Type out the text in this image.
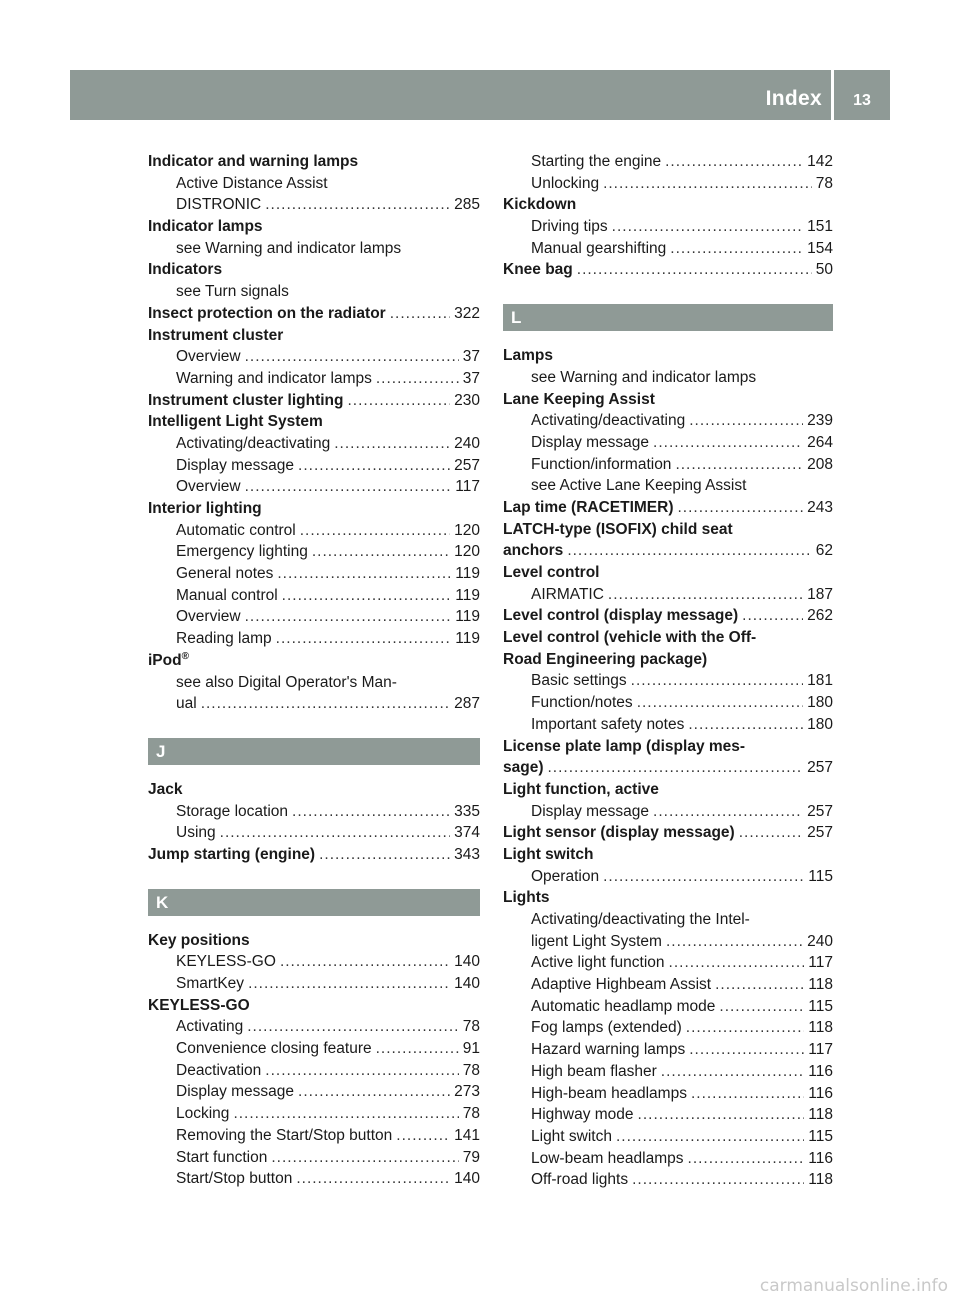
Index	13
Indicator and warning lamps
Active Distance Assist
DISTRONIC .....	285
Indicator lamps
see Warning and indicator lamps
Indicators
see Turn signals
Insect protection on the radiator .....	322
Instrument cluster
Overview .....	37
Warning and indicator lamps .....	37
Instrument cluster lighting .....	230
Intelligent Light System
Activating/deactivating .....	240
Display message .....	257
Overview .....	117
Interior lighting
Automatic control .....	120
Emergency lighting .....	120
General notes .....	119
Manual control .....	119
Overview .....	119
Reading lamp .....	119
iPod®
see also Digital Operator's Man-
ual .....	287
J
Jack
Storage location .....	335
Using .....	374
Jump starting (engine) .....	343
K
Key positions
KEYLESS-GO .....	140
SmartKey .....	140
KEYLESS-GO
Activating .....	78
Convenience closing feature .....	91
Deactivation .....	78
Display message .....	273
Locking .....	78
Removing the Start/Stop button .....	141
Start function .....	79
Start/Stop button .....	140
Starting the engine .....	142
Unlocking .....	78
Kickdown
Driving tips .....	151
Manual gearshifting .....	154
Knee bag .....	50
L
Lamps
see Warning and indicator lamps
Lane Keeping Assist
Activating/deactivating .....	239
Display message .....	264
Function/information .....	208
see Active Lane Keeping Assist
Lap time (RACETIMER) .....	243
LATCH-type (ISOFIX) child seat
anchors .....	62
Level control
AIRMATIC .....	187
Level control (display message) .....	262
Level control (vehicle with the Off-
Road Engineering package)
Basic settings .....	181
Function/notes .....	180
Important safety notes .....	180
License plate lamp (display mes-
sage) .....	257
Light function, active
Display message .....	257
Light sensor (display message) .....	257
Light switch
Operation .....	115
Lights
Activating/deactivating the Intel-
ligent Light System .....	240
Active light function .....	117
Adaptive Highbeam Assist .....	118
Automatic headlamp mode .....	115
Fog lamps (extended) .....	118
Hazard warning lamps .....	117
High beam flasher .....	116
High-beam headlamps .....	116
Highway mode .....	118
Light switch .....	115
Low-beam headlamps .....	116
Off-road lights .....	118
carmanualsonline.info
